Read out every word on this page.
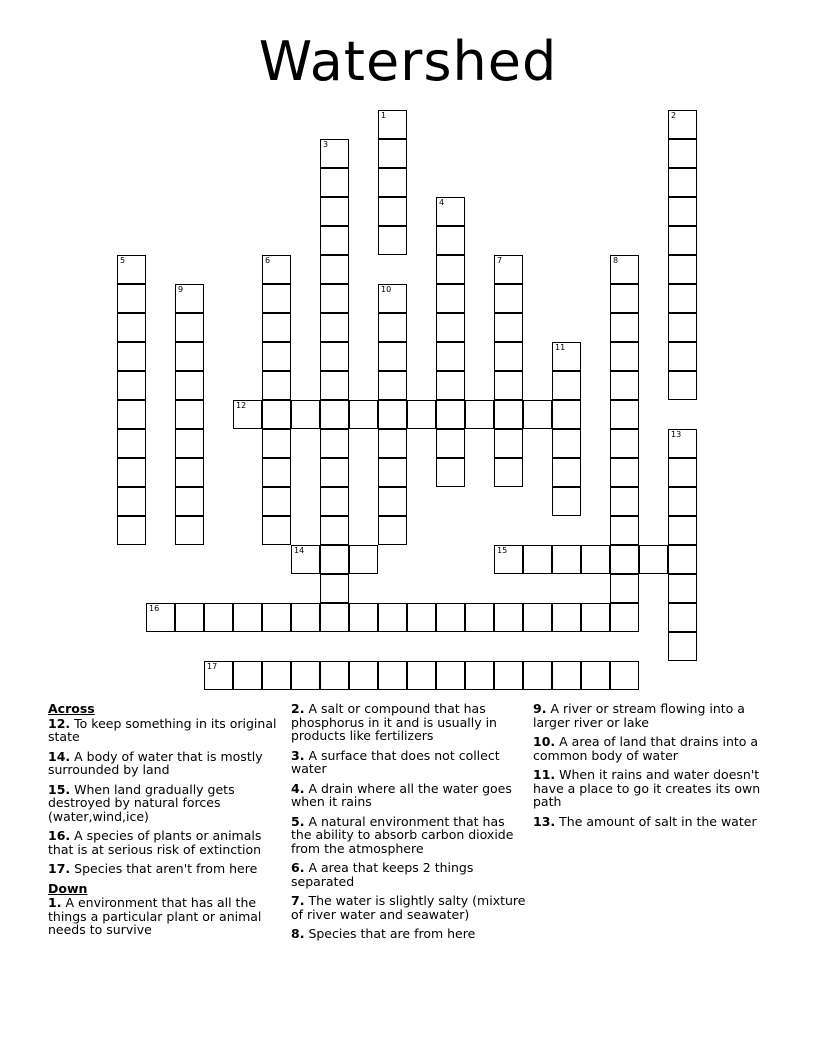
Watershed
1	2
3
4
5	6	7	8
9	10
11
12
13
14	15
16
17
Across
12. To keep something in its original state
14. A body of water that is mostly surrounded by land
15. When land gradually gets destroyed by natural forces (water,wind,ice)
16. A species of plants or animals that is at serious risk of extinction
17. Species that aren't from here
Down
1. A environment that has all the things a particular plant or animal needs to survive
2. A salt or compound that has phosphorus in it and is usually in products like fertilizers
3. A surface that does not collect water
4. A drain where all the water goes when it rains
5. A natural environment that has the ability to absorb carbon dioxide from the atmosphere
6. A area that keeps 2 things separated
7. The water is slightly salty (mixture of river water and seawater)
8. Species that are from here
9. A river or stream flowing into a larger river or lake
10. A area of land that drains into a common body of water
11. When it rains and water doesn't have a place to go it creates its own path
13. The amount of salt in the water
